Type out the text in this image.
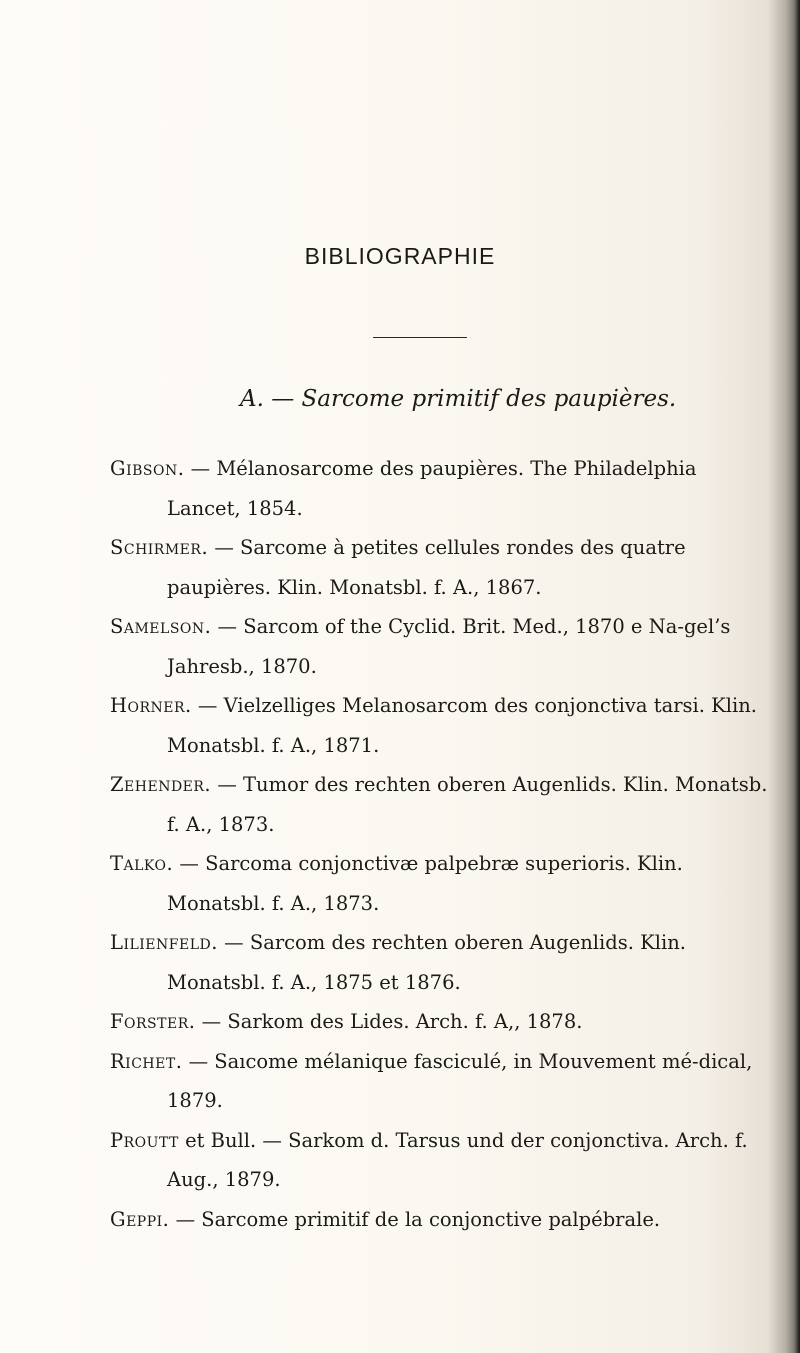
BIBLIOGRAPHIE
A. — Sarcome primitif des paupières.
Gibson. — Mélanosarcome des paupières. The Philadelphia Lancet, 1854.
Schirmer. — Sarcome à petites cellules rondes des quatre paupières. Klin. Monatsbl. f. A., 1867.
Samelson. — Sarcom of the Cyclid. Brit. Med., 1870 e Na-gel’s Jahresb., 1870.
Horner. — Vielzelliges Melanosarcom des conjonctiva tarsi. Klin. Monatsbl. f. A., 1871.
Zehender. — Tumor des rechten oberen Augenlids. Klin. Monatsb. f. A., 1873.
Talko. — Sarcoma conjonctivæ palpebræ superioris. Klin. Monatsbl. f. A., 1873.
Lilienfeld. — Sarcom des rechten oberen Augenlids. Klin. Monatsbl. f. A., 1875 et 1876.
Forster. — Sarkom des Lides. Arch. f. A,, 1878.
Richet. — Saıcome mélanique fasciculé, in Mouvement mé-dical, 1879.
Proutt et Bull. — Sarkom d. Tarsus und der conjonctiva. Arch. f. Aug., 1879.
Geppi. — Sarcome primitif de la conjonctive palpébrale.
